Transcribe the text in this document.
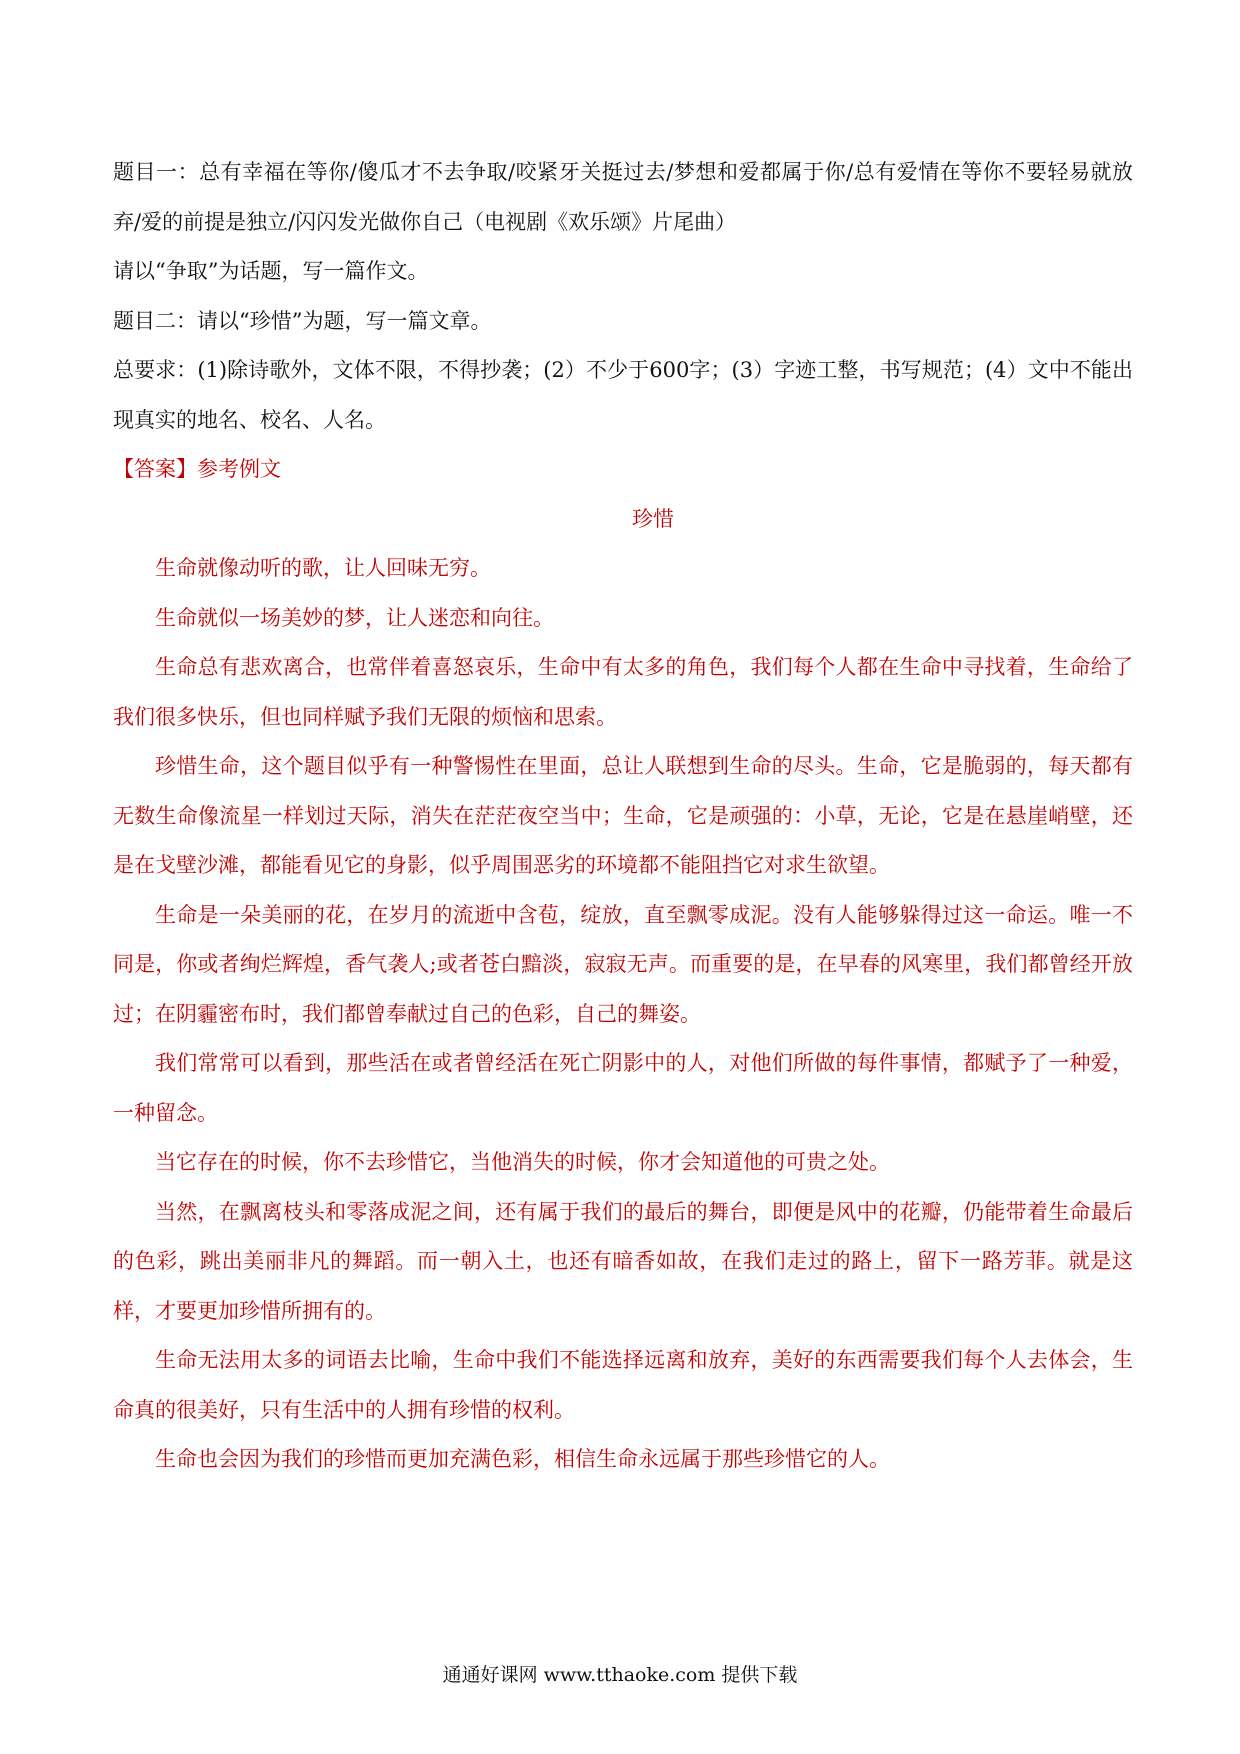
题目一：总有幸福在等你/傻瓜才不去争取/咬紧牙关挺过去/梦想和爱都属于你/总有爱情在等你不要轻易就放弃/爱的前提是独立/闪闪发光做你自己（电视剧《欢乐颂》片尾曲）

请以“争取”为话题，写一篇作文。

题目二：请以“珍惜”为题，写一篇文章。

总要求：(1)除诗歌外，文体不限，不得抄袭；(2）不少于600字；(3）字迹工整，书写规范；(4）文中不能出现真实的地名、校名、人名。

【答案】参考例文

珍惜

生命就像动听的歌，让人回味无穷。

生命就似一场美妙的梦，让人迷恋和向往。

生命总有悲欢离合，也常伴着喜怒哀乐，生命中有太多的角色，我们每个人都在生命中寻找着，生命给了我们很多快乐，但也同样赋予我们无限的烦恼和思索。

珍惜生命，这个题目似乎有一种警惕性在里面，总让人联想到生命的尽头。生命，它是脆弱的，每天都有无数生命像流星一样划过天际，消失在茫茫夜空当中；生命，它是顽强的：小草，无论，它是在悬崖峭壁，还是在戈壁沙滩，都能看见它的身影，似乎周围恶劣的环境都不能阻挡它对求生欲望。

生命是一朵美丽的花，在岁月的流逝中含苞，绽放，直至飘零成泥。没有人能够躲得过这一命运。唯一不同是，你或者绚烂辉煌，香气袭人;或者苍白黯淡，寂寂无声。而重要的是，在早春的风寒里，我们都曾经开放过；在阴霾密布时，我们都曾奉献过自己的色彩，自己的舞姿。

我们常常可以看到，那些活在或者曾经活在死亡阴影中的人，对他们所做的每件事情，都赋予了一种爱，一种留念。

当它存在的时候，你不去珍惜它，当他消失的时候，你才会知道他的可贵之处。

当然，在飘离枝头和零落成泥之间，还有属于我们的最后的舞台，即便是风中的花瓣，仍能带着生命最后的色彩，跳出美丽非凡的舞蹈。而一朝入土，也还有暗香如故，在我们走过的路上，留下一路芳菲。就是这样，才要更加珍惜所拥有的。

生命无法用太多的词语去比喻，生命中我们不能选择远离和放弃，美好的东西需要我们每个人去体会，生命真的很美好，只有生活中的人拥有珍惜的权利。

生命也会因为我们的珍惜而更加充满色彩，相信生命永远属于那些珍惜它的人。

通通好课网 www.tthaoke.com 提供下载
